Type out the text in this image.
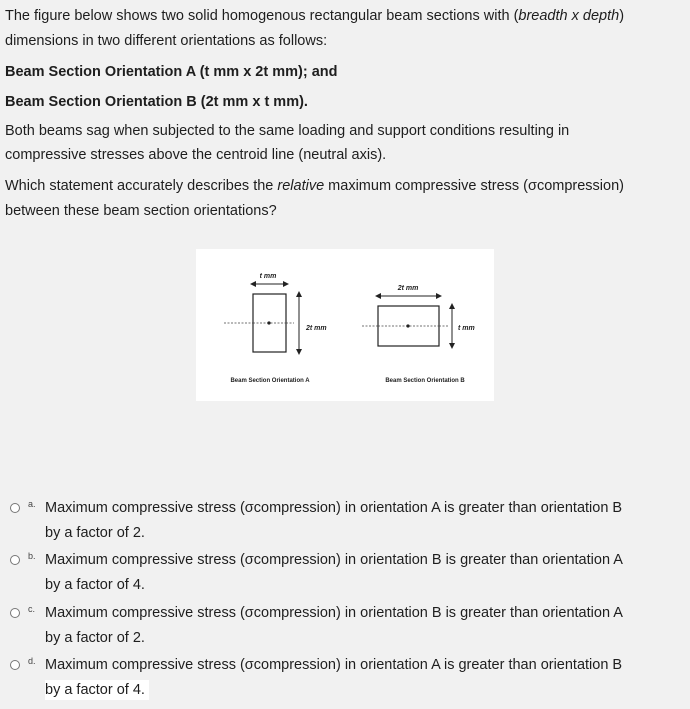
The figure below shows two solid homogenous rectangular beam sections with (breadth x depth)
dimensions in two different orientations as follows:
Beam Section Orientation A (t mm x 2t mm); and
Beam Section Orientation B (2t mm x t mm).
Both beams sag when subjected to the same loading and support conditions resulting in
compressive stresses above the centroid line (neutral axis).
Which statement accurately describes the relative maximum compressive stress (σcompression)
between these beam section orientations?
t mm
2t mm
Beam Section Orientation A
2t mm
t mm
Beam Section Orientation B
a. Maximum compressive stress (σcompression) in orientation A is greater than orientation B
by a factor of 2.
b. Maximum compressive stress (σcompression) in orientation B is greater than orientation A
by a factor of 4.
c. Maximum compressive stress (σcompression) in orientation B is greater than orientation A
by a factor of 2.
d. Maximum compressive stress (σcompression) in orientation A is greater than orientation B
by a factor of 4.
